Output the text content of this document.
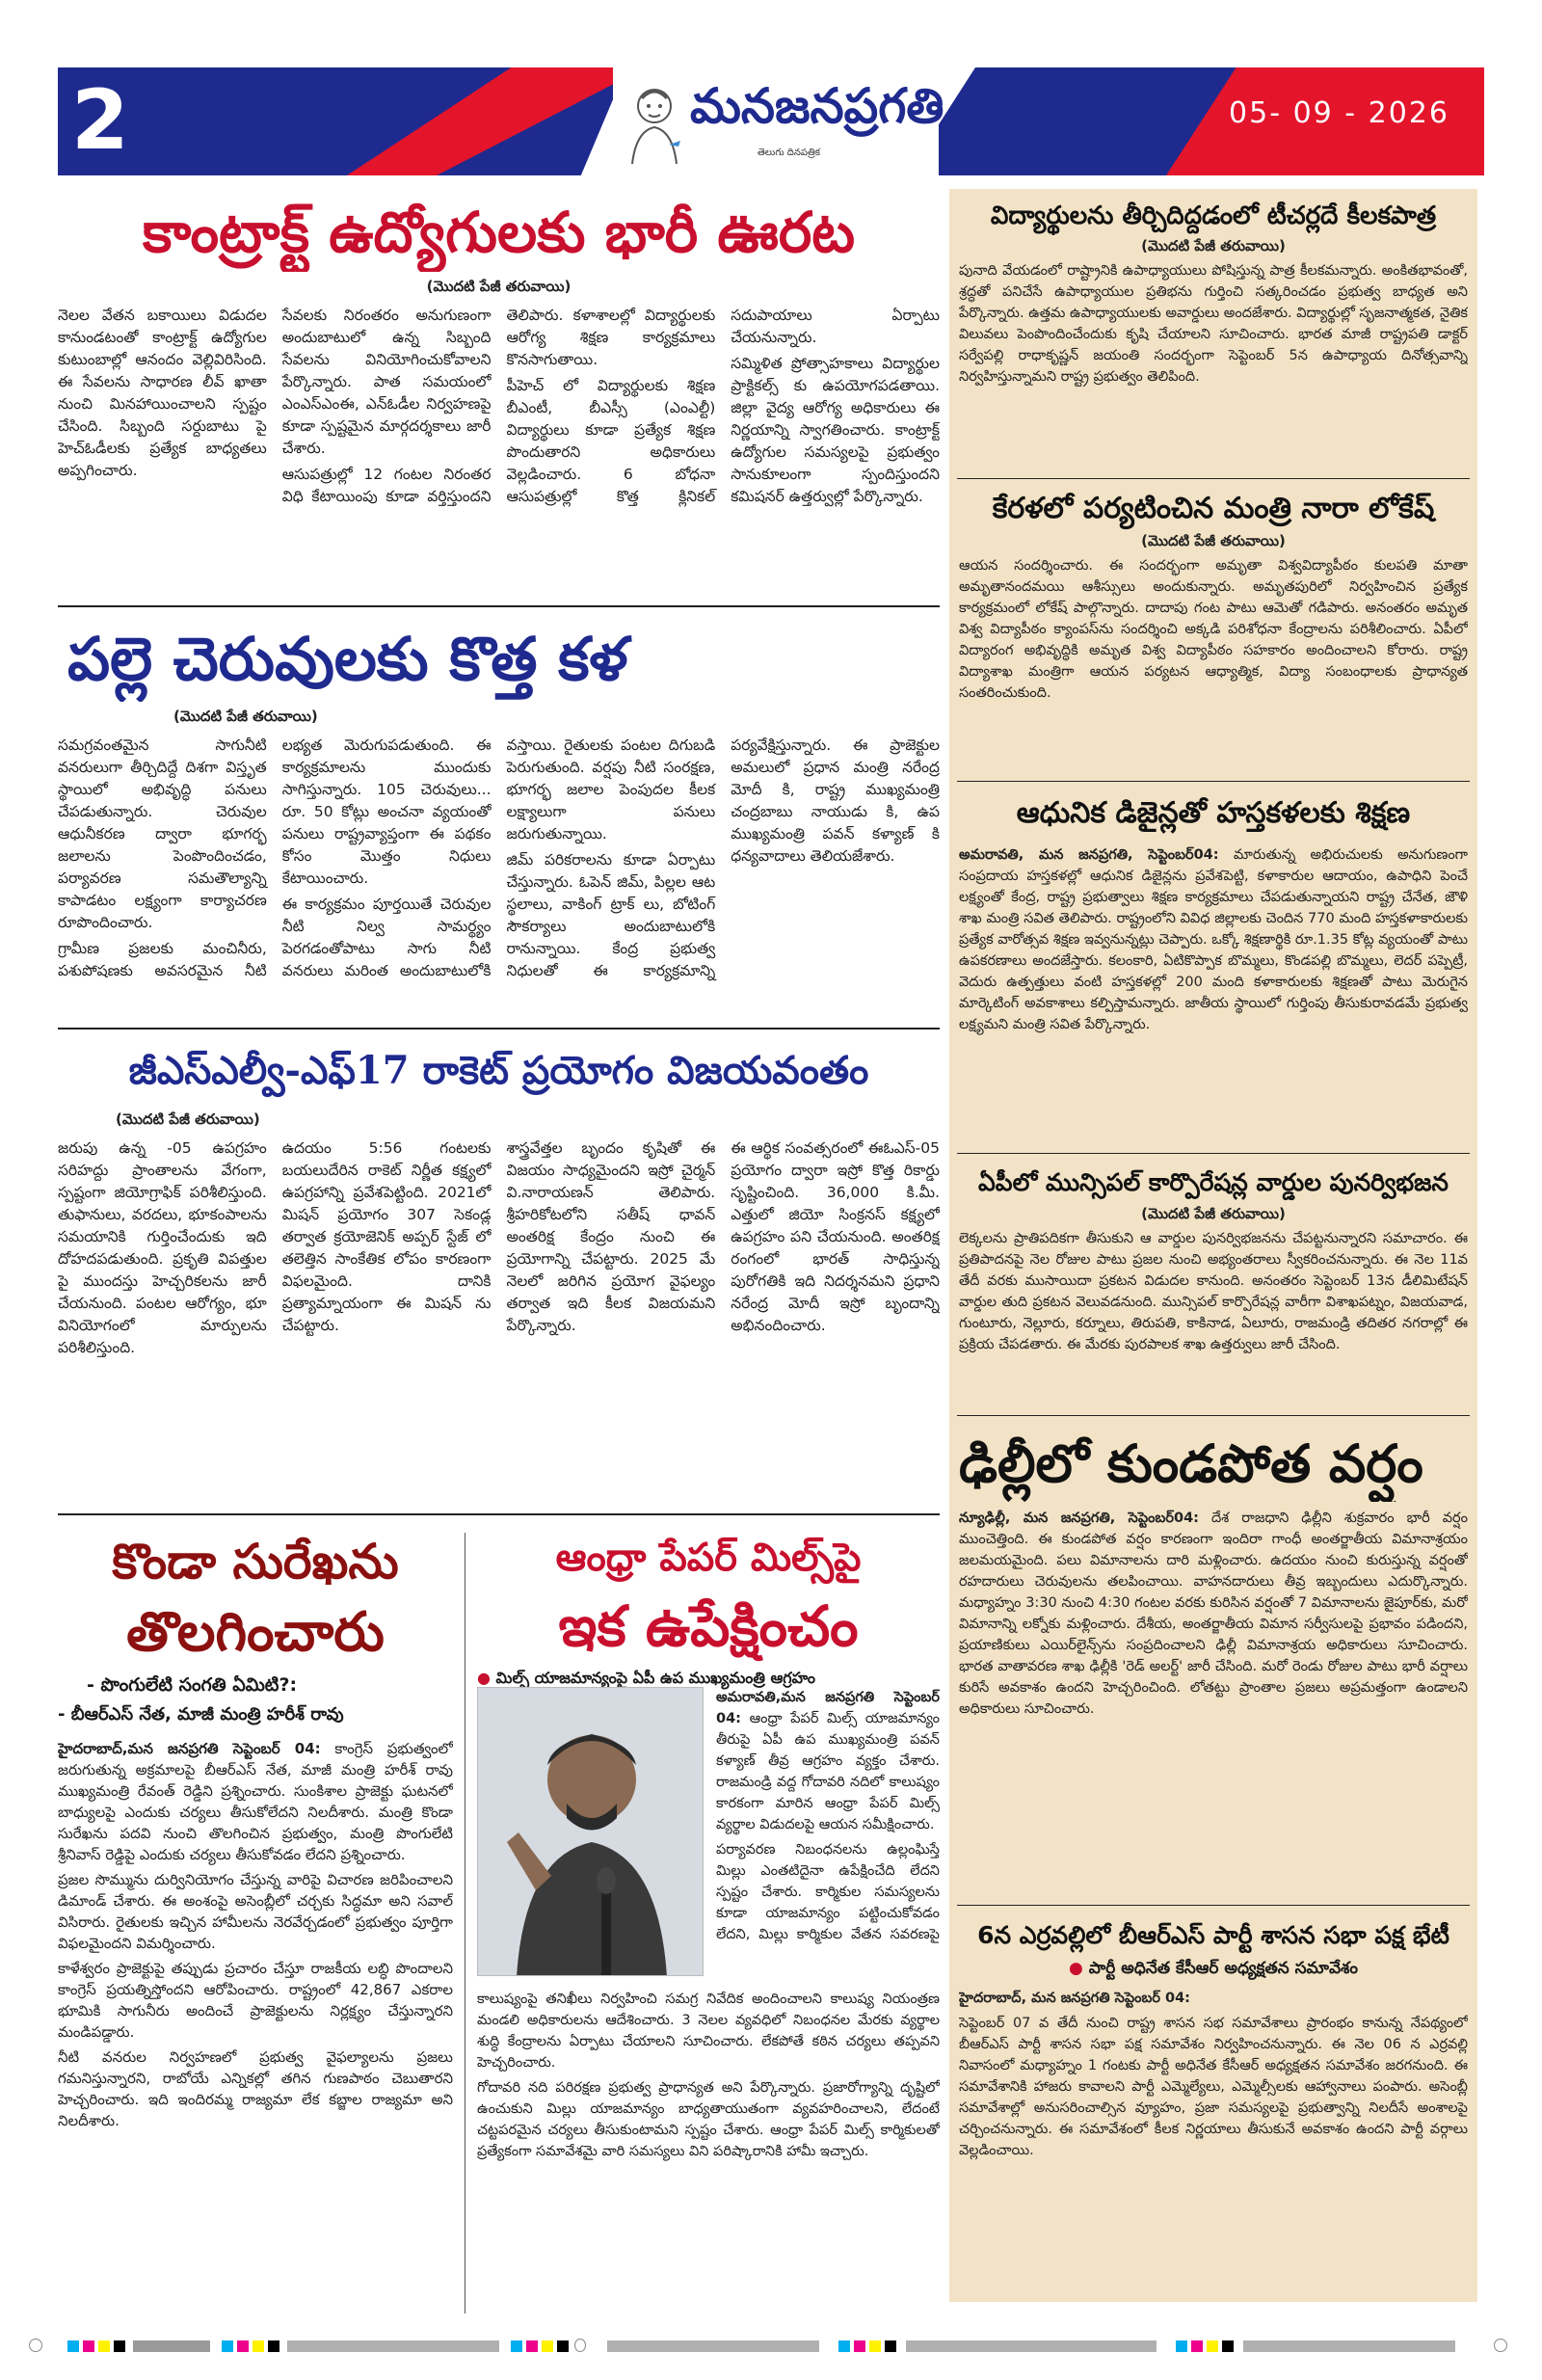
2	మనజనప్రగతి
తెలుగు దినపత్రిక
05- 09 - 2026
కాంట్రాక్ట్ ఉద్యోగులకు భారీ ఊరట
(మొదటి పేజీ తరువాయి)

నెలల వేతన బకాయిలు విడుదల కానుండటంతో కాంట్రాక్ట్ ఉద్యోగుల కుటుంబాల్లో ఆనందం వెల్లివిరిసింది. ఈ సేవలను సాధారణ లీవ్ ఖాతా నుంచి మినహాయించాలని స్పష్టం చేసింది. సిబ్బంది సర్దుబాటు పై హెచ్ఓడీలకు ప్రత్యేక బాధ్యతలు అప్పగించారు.

సేవలకు నిరంతరం అనుగుణంగా అందుబాటులో ఉన్న సిబ్బంది సేవలను వినియోగించుకోవాలని పేర్కొన్నారు. పాత సమయంలో ఎంఎస్ఎంఈ, ఎన్ఓడీల నిర్వహణపై కూడా స్పష్టమైన మార్గదర్శకాలు జారీ చేశారు.

ఆసుపత్రుల్లో 12 గంటల నిరంతర విధి కేటాయింపు కూడా వర్తిస్తుందని తెలిపారు. కళాశాలల్లో విద్యార్థులకు ఆరోగ్య శిక్షణ కార్యక్రమాలు కొనసాగుతాయి.

పీహెచ్ లో విద్యార్థులకు శిక్షణ బీఎంటీ, బీఎస్సీ (ఎంఎల్టీ) విద్యార్థులు కూడా ప్రత్యేక శిక్షణ పొందుతారని అధికారులు వెల్లడించారు. 6 బోధనా ఆసుపత్రుల్లో కొత్త క్లినికల్ సదుపాయాలు ఏర్పాటు చేయనున్నారు.

సమ్మిళిత ప్రోత్సాహకాలు విద్యార్థుల ప్రాక్టికల్స్ కు ఉపయోగపడతాయి. జిల్లా వైద్య ఆరోగ్య అధికారులు ఈ నిర్ణయాన్ని స్వాగతించారు. కాంట్రాక్ట్ ఉద్యోగుల సమస్యలపై ప్రభుత్వం సానుకూలంగా స్పందిస్తుందని కమిషనర్ ఉత్తర్వుల్లో పేర్కొన్నారు.

పల్లె చెరువులకు కొత్త కళ
(మొదటి పేజీ తరువాయి)

సమగ్రవంతమైన సాగునీటి వనరులుగా తీర్చిదిద్దే దిశగా విస్తృత స్థాయిలో అభివృద్ధి పనులు చేపడుతున్నారు. చెరువుల ఆధునీకరణ ద్వారా భూగర్భ జలాలను పెంపొందించడం, పర్యావరణ సమతౌల్యాన్ని కాపాడటం లక్ష్యంగా కార్యాచరణ రూపొందించారు.

గ్రామీణ ప్రజలకు మంచినీరు, పశుపోషణకు అవసరమైన నీటి లభ్యత మెరుగుపడుతుంది. ఈ కార్యక్రమాలను ముందుకు సాగిస్తున్నారు. 105 చెరువులు... రూ. 50 కోట్లు అంచనా వ్యయంతో పనులు రాష్ట్రవ్యాప్తంగా ఈ పథకం కోసం మొత్తం నిధులు కేటాయించారు.

ఈ కార్యక్రమం పూర్తయితే చెరువుల నీటి నిల్వ సామర్థ్యం పెరగడంతోపాటు సాగు నీటి వనరులు మరింత అందుబాటులోకి వస్తాయి. రైతులకు పంటల దిగుబడి పెరుగుతుంది. వర్షపు నీటి సంరక్షణ, భూగర్భ జలాల పెంపుదల కీలక లక్ష్యాలుగా పనులు జరుగుతున్నాయి.

జిమ్ పరికరాలను కూడా ఏర్పాటు చేస్తున్నారు. ఓపెన్ జిమ్, పిల్లల ఆట స్థలాలు, వాకింగ్ ట్రాక్ లు, బోటింగ్ సౌకర్యాలు అందుబాటులోకి రానున్నాయి. కేంద్ర ప్రభుత్వ నిధులతో ఈ కార్యక్రమాన్ని పర్యవేక్షిస్తున్నారు. ఈ ప్రాజెక్టుల అమలులో ప్రధాన మంత్రి నరేంద్ర మోదీ కి, రాష్ట్ర ముఖ్యమంత్రి చంద్రబాబు నాయుడు కి, ఉప ముఖ్యమంత్రి పవన్ కళ్యాణ్ కి ధన్యవాదాలు తెలియజేశారు.

జీఎస్ఎల్వీ-ఎఫ్17 రాకెట్ ప్రయోగం విజయవంతం
(మొదటి పేజీ తరువాయి)

జరుపు ఉన్న -05 ఉపగ్రహం సరిహద్దు ప్రాంతాలను వేగంగా, స్పష్టంగా జియోగ్రాఫిక్ పరిశీలిస్తుంది. తుఫానులు, వరదలు, భూకంపాలను సమయానికి గుర్తించేందుకు ఇది దోహదపడుతుంది. ప్రకృతి విపత్తుల పై ముందస్తు హెచ్చరికలను జారీ చేయనుంది. పంటల ఆరోగ్యం, భూ వినియోగంలో మార్పులను పరిశీలిస్తుంది.

ఉదయం 5:56 గంటలకు బయలుదేరిన రాకెట్ నిర్ణీత కక్ష్యలో ఉపగ్రహాన్ని ప్రవేశపెట్టింది. 2021లో మిషన్ ప్రయోగం 307 సెకండ్ల తర్వాత క్రయోజెనిక్ అప్పర్ స్టేజ్ లో తలెత్తిన సాంకేతిక లోపం కారణంగా విఫలమైంది. దానికి ప్రత్యామ్నాయంగా ఈ మిషన్ ను చేపట్టారు.

శాస్త్రవేత్తల బృందం కృషితో ఈ విజయం సాధ్యమైందని ఇస్రో చైర్మన్ వి.నారాయణన్ తెలిపారు. శ్రీహరికోటలోని సతీష్ ధావన్ అంతరిక్ష కేంద్రం నుంచి ఈ ప్రయోగాన్ని చేపట్టారు. 2025 మే నెలలో జరిగిన ప్రయోగ వైఫల్యం తర్వాత ఇది కీలక విజయమని పేర్కొన్నారు.

ఈ ఆర్థిక సంవత్సరంలో ఈఓఎస్-05 ప్రయోగం ద్వారా ఇస్రో కొత్త రికార్డు సృష్టించింది. 36,000 కి.మీ. ఎత్తులో జియో సింక్రనస్ కక్ష్యలో ఉపగ్రహం పని చేయనుంది. అంతరిక్ష రంగంలో భారత్ సాధిస్తున్న పురోగతికి ఇది నిదర్శనమని ప్రధాని నరేంద్ర మోదీ ఇస్రో బృందాన్ని అభినందించారు.

కొండా సురేఖను
తొలగించారు
- పొంగులేటి సంగతి ఏమిటి?:
- బీఆర్ఎస్ నేత, మాజీ మంత్రి హరీశ్ రావు

హైదరాబాద్,మన జనప్రగతి సెప్టెంబర్ 04: కాంగ్రెస్ ప్రభుత్వంలో జరుగుతున్న అక్రమాలపై బీఆర్ఎస్ నేత, మాజీ మంత్రి హరీశ్ రావు ముఖ్యమంత్రి రేవంత్ రెడ్డిని ప్రశ్నించారు. సుంకిశాల ప్రాజెక్టు ఘటనలో బాధ్యులపై ఎందుకు చర్యలు తీసుకోలేదని నిలదీశారు. మంత్రి కొండా సురేఖను పదవి నుంచి తొలగించిన ప్రభుత్వం, మంత్రి పొంగులేటి శ్రీనివాస్ రెడ్డిపై ఎందుకు చర్యలు తీసుకోవడం లేదని ప్రశ్నించారు.

ప్రజల సొమ్మును దుర్వినియోగం చేస్తున్న వారిపై విచారణ జరిపించాలని డిమాండ్ చేశారు. ఈ అంశంపై అసెంబ్లీలో చర్చకు సిద్ధమా అని సవాల్ విసిరారు. రైతులకు ఇచ్చిన హామీలను నెరవేర్చడంలో ప్రభుత్వం పూర్తిగా విఫలమైందని విమర్శించారు.

కాళేశ్వరం ప్రాజెక్టుపై తప్పుడు ప్రచారం చేస్తూ రాజకీయ లబ్ధి పొందాలని కాంగ్రెస్ ప్రయత్నిస్తోందని ఆరోపించారు. రాష్ట్రంలో 42,867 ఎకరాల భూమికి సాగునీరు అందించే ప్రాజెక్టులను నిర్లక్ష్యం చేస్తున్నారని మండిపడ్డారు.

నీటి వనరుల నిర్వహణలో ప్రభుత్వ వైఫల్యాలను ప్రజలు గమనిస్తున్నారని, రాబోయే ఎన్నికల్లో తగిన గుణపాఠం చెబుతారని హెచ్చరించారు. ఇది ఇందిరమ్మ రాజ్యమా లేక కబ్జాల రాజ్యమా అని నిలదీశారు.

ఆంధ్రా పేపర్ మిల్స్‌పై
ఇక ఉపేక్షించం
● మిల్స్ యాజమాన్యంపై ఏపీ ఉప ముఖ్యమంత్రి ఆగ్రహం

అమరావతి,మన జనప్రగతి సెప్టెంబర్ 04: ఆంధ్రా పేపర్ మిల్స్ యాజమాన్యం తీరుపై ఏపీ ఉప ముఖ్యమంత్రి పవన్ కళ్యాణ్ తీవ్ర ఆగ్రహం వ్యక్తం చేశారు. రాజమండ్రి వద్ద గోదావరి నదిలో కాలుష్యం కారకంగా మారిన ఆంధ్రా పేపర్ మిల్స్ వ్యర్థాల విడుదలపై ఆయన సమీక్షించారు.

పర్యావరణ నిబంధనలను ఉల్లంఘిస్తే మిల్లు ఎంతటిదైనా ఉపేక్షించేది లేదని స్పష్టం చేశారు. కార్మికుల సమస్యలను కూడా యాజమాన్యం పట్టించుకోవడం లేదని, మిల్లు కార్మికుల వేతన సవరణపై

కాలుష్యంపై తనిఖీలు నిర్వహించి సమగ్ర నివేదిక అందించాలని కాలుష్య నియంత్రణ మండలి అధికారులను ఆదేశించారు. 3 నెలల వ్యవధిలో నిబంధనల మేరకు వ్యర్థాల శుద్ధి కేంద్రాలను ఏర్పాటు చేయాలని సూచించారు. లేకపోతే కఠిన చర్యలు తప్పవని హెచ్చరించారు.

గోదావరి నది పరిరక్షణ ప్రభుత్వ ప్రాధాన్యత అని పేర్కొన్నారు. ప్రజారోగ్యాన్ని దృష్టిలో ఉంచుకుని మిల్లు యాజమాన్యం బాధ్యతాయుతంగా వ్యవహరించాలని, లేదంటే చట్టపరమైన చర్యలు తీసుకుంటామని స్పష్టం చేశారు. ఆంధ్రా పేపర్ మిల్స్ కార్మికులతో ప్రత్యేకంగా సమావేశమై వారి సమస్యలు విని పరిష్కారానికి హామీ ఇచ్చారు.

విద్యార్థులను తీర్చిదిద్దడంలో టీచర్లదే కీలకపాత్ర
(మొదటి పేజీ తరువాయి)
పునాది వేయడంలో రాష్ట్రానికి ఉపాధ్యాయులు పోషిస్తున్న పాత్ర కీలకమన్నారు. అంకితభావంతో, శ్రద్ధతో పనిచేసే ఉపాధ్యాయుల ప్రతిభను గుర్తించి సత్కరించడం ప్రభుత్వ బాధ్యత అని పేర్కొన్నారు. ఉత్తమ ఉపాధ్యాయులకు అవార్డులు అందజేశారు. విద్యార్థుల్లో సృజనాత్మకత, నైతిక విలువలు పెంపొందించేందుకు కృషి చేయాలని సూచించారు. భారత మాజీ రాష్ట్రపతి డాక్టర్ సర్వేపల్లి రాధాకృష్ణన్ జయంతి సందర్భంగా సెప్టెంబర్ 5న ఉపాధ్యాయ దినోత్సవాన్ని నిర్వహిస్తున్నామని రాష్ట్ర ప్రభుత్వం తెలిపింది.
కేరళలో పర్యటించిన మంత్రి నారా లోకేష్
(మొదటి పేజీ తరువాయి)
ఆయన సందర్శించారు. ఈ సందర్భంగా అమృతా విశ్వవిద్యాపీఠం కులపతి మాతా అమృతానందమయి ఆశీస్సులు అందుకున్నారు. అమృతపురిలో నిర్వహించిన ప్రత్యేక కార్యక్రమంలో లోకేష్ పాల్గొన్నారు. దాదాపు గంట పాటు ఆమెతో గడిపారు. అనంతరం అమృత విశ్వ విద్యాపీఠం క్యాంపస్‌ను సందర్శించి అక్కడి పరిశోధనా కేంద్రాలను పరిశీలించారు. ఏపీలో విద్యారంగ అభివృద్ధికి అమృత విశ్వ విద్యాపీఠం సహకారం అందించాలని కోరారు. రాష్ట్ర విద్యాశాఖ మంత్రిగా ఆయన పర్యటన ఆధ్యాత్మిక, విద్యా సంబంధాలకు ప్రాధాన్యత సంతరించుకుంది.
ఆధునిక డిజైన్లతో హస్తకళలకు శిక్షణ
అమరావతి, మన జనప్రగతి, సెప్టెంబర్04: మారుతున్న అభిరుచులకు అనుగుణంగా సంప్రదాయ హస్తకళల్లో ఆధునిక డిజైన్లను ప్రవేశపెట్టి, కళాకారుల ఆదాయం, ఉపాధిని పెంచే లక్ష్యంతో కేంద్ర, రాష్ట్ర ప్రభుత్వాలు శిక్షణ కార్యక్రమాలు చేపడుతున్నాయని రాష్ట్ర చేనేత, జౌళి శాఖ మంత్రి సవిత తెలిపారు. రాష్ట్రంలోని వివిధ జిల్లాలకు చెందిన 770 మంది హస్తకళాకారులకు ప్రత్యేక వారోత్సవ శిక్షణ ఇవ్వనున్నట్లు చెప్పారు. ఒక్కో శిక్షణార్థికి రూ.1.35 కోట్ల వ్యయంతో పాటు ఉపకరణాలు అందజేస్తారు. కలంకారి, ఏటికొప్పాక బొమ్మలు, కొండపల్లి బొమ్మలు, లెదర్ పప్పెట్రీ, వెదురు ఉత్పత్తులు వంటి హస్తకళల్లో 200 మంది కళాకారులకు శిక్షణతో పాటు మెరుగైన మార్కెటింగ్ అవకాశాలు కల్పిస్తామన్నారు. జాతీయ స్థాయిలో గుర్తింపు తీసుకురావడమే ప్రభుత్వ లక్ష్యమని మంత్రి సవిత పేర్కొన్నారు.
ఏపీలో మున్సిపల్ కార్పొరేషన్ల వార్డుల పునర్విభజన
(మొదటి పేజీ తరువాయి)
లెక్కలను ప్రాతిపదికగా తీసుకుని ఆ వార్డుల పునర్విభజనను చేపట్టనున్నారని సమాచారం. ఈ ప్రతిపాదనపై నెల రోజుల పాటు ప్రజల నుంచి అభ్యంతరాలు స్వీకరించనున్నారు. ఈ నెల 11వ తేదీ వరకు ముసాయిదా ప్రకటన విడుదల కానుంది. అనంతరం సెప్టెంబర్ 13న డీలిమిటేషన్ వార్డుల తుది ప్రకటన వెలువడనుంది. మున్సిపల్ కార్పొరేషన్ల వారీగా విశాఖపట్నం, విజయవాడ, గుంటూరు, నెల్లూరు, కర్నూలు, తిరుపతి, కాకినాడ, ఏలూరు, రాజమండ్రి తదితర నగరాల్లో ఈ ప్రక్రియ చేపడతారు. ఈ మేరకు పురపాలక శాఖ ఉత్తర్వులు జారీ చేసింది.
ఢిల్లీలో కుండపోత వర్షం
న్యూఢిల్లీ, మన జనప్రగతి, సెప్టెంబర్04: దేశ రాజధాని ఢిల్లీని శుక్రవారం భారీ వర్షం ముంచెత్తింది. ఈ కుండపోత వర్షం కారణంగా ఇందిరా గాంధీ అంతర్జాతీయ విమానాశ్రయం జలమయమైంది. పలు విమానాలను దారి మళ్లించారు. ఉదయం నుంచి కురుస్తున్న వర్షంతో రహదారులు చెరువులను తలపించాయి. వాహనదారులు తీవ్ర ఇబ్బందులు ఎదుర్కొన్నారు. మధ్యాహ్నం 3:30 నుంచి 4:30 గంటల వరకు కురిసిన వర్షంతో 7 విమానాలను జైపూర్‌కు, మరో విమానాన్ని లక్నోకు మళ్లించారు. దేశీయ, అంతర్జాతీయ విమాన సర్వీసులపై ప్రభావం పడిందని, ప్రయాణికులు ఎయిర్‌లైన్స్‌ను సంప్రదించాలని ఢిల్లీ విమానాశ్రయ అధికారులు సూచించారు. భారత వాతావరణ శాఖ ఢిల్లీకి 'రెడ్ అలర్ట్' జారీ చేసింది. మరో రెండు రోజుల పాటు భారీ వర్షాలు కురిసే అవకాశం ఉందని హెచ్చరించింది. లోతట్టు ప్రాంతాల ప్రజలు అప్రమత్తంగా ఉండాలని అధికారులు సూచించారు.
6న ఎర్రవల్లిలో బీఆర్ఎస్ పార్టీ శాసన సభా పక్ష భేటీ
● పార్టీ అధినేత కేసీఆర్ అధ్యక్షతన సమావేశం
హైదరాబాద్, మన జనప్రగతి సెప్టెంబర్ 04:
సెప్టెంబర్ 07 వ తేదీ నుంచి రాష్ట్ర శాసన సభ సమావేశాలు ప్రారంభం కానున్న నేపథ్యంలో బీఆర్ఎస్ పార్టీ శాసన సభా పక్ష సమావేశం నిర్వహించనున్నారు. ఈ నెల 06 న ఎర్రవల్లి నివాసంలో మధ్యాహ్నం 1 గంటకు పార్టీ అధినేత కేసీఆర్ అధ్యక్షతన సమావేశం జరగనుంది. ఈ సమావేశానికి హాజరు కావాలని పార్టీ ఎమ్మెల్యేలు, ఎమ్మెల్సీలకు ఆహ్వానాలు పంపారు. అసెంబ్లీ సమావేశాల్లో అనుసరించాల్సిన వ్యూహం, ప్రజా సమస్యలపై ప్రభుత్వాన్ని నిలదీసే అంశాలపై చర్చించనున్నారు. ఈ సమావేశంలో కీలక నిర్ణయాలు తీసుకునే అవకాశం ఉందని పార్టీ వర్గాలు వెల్లడించాయి.
